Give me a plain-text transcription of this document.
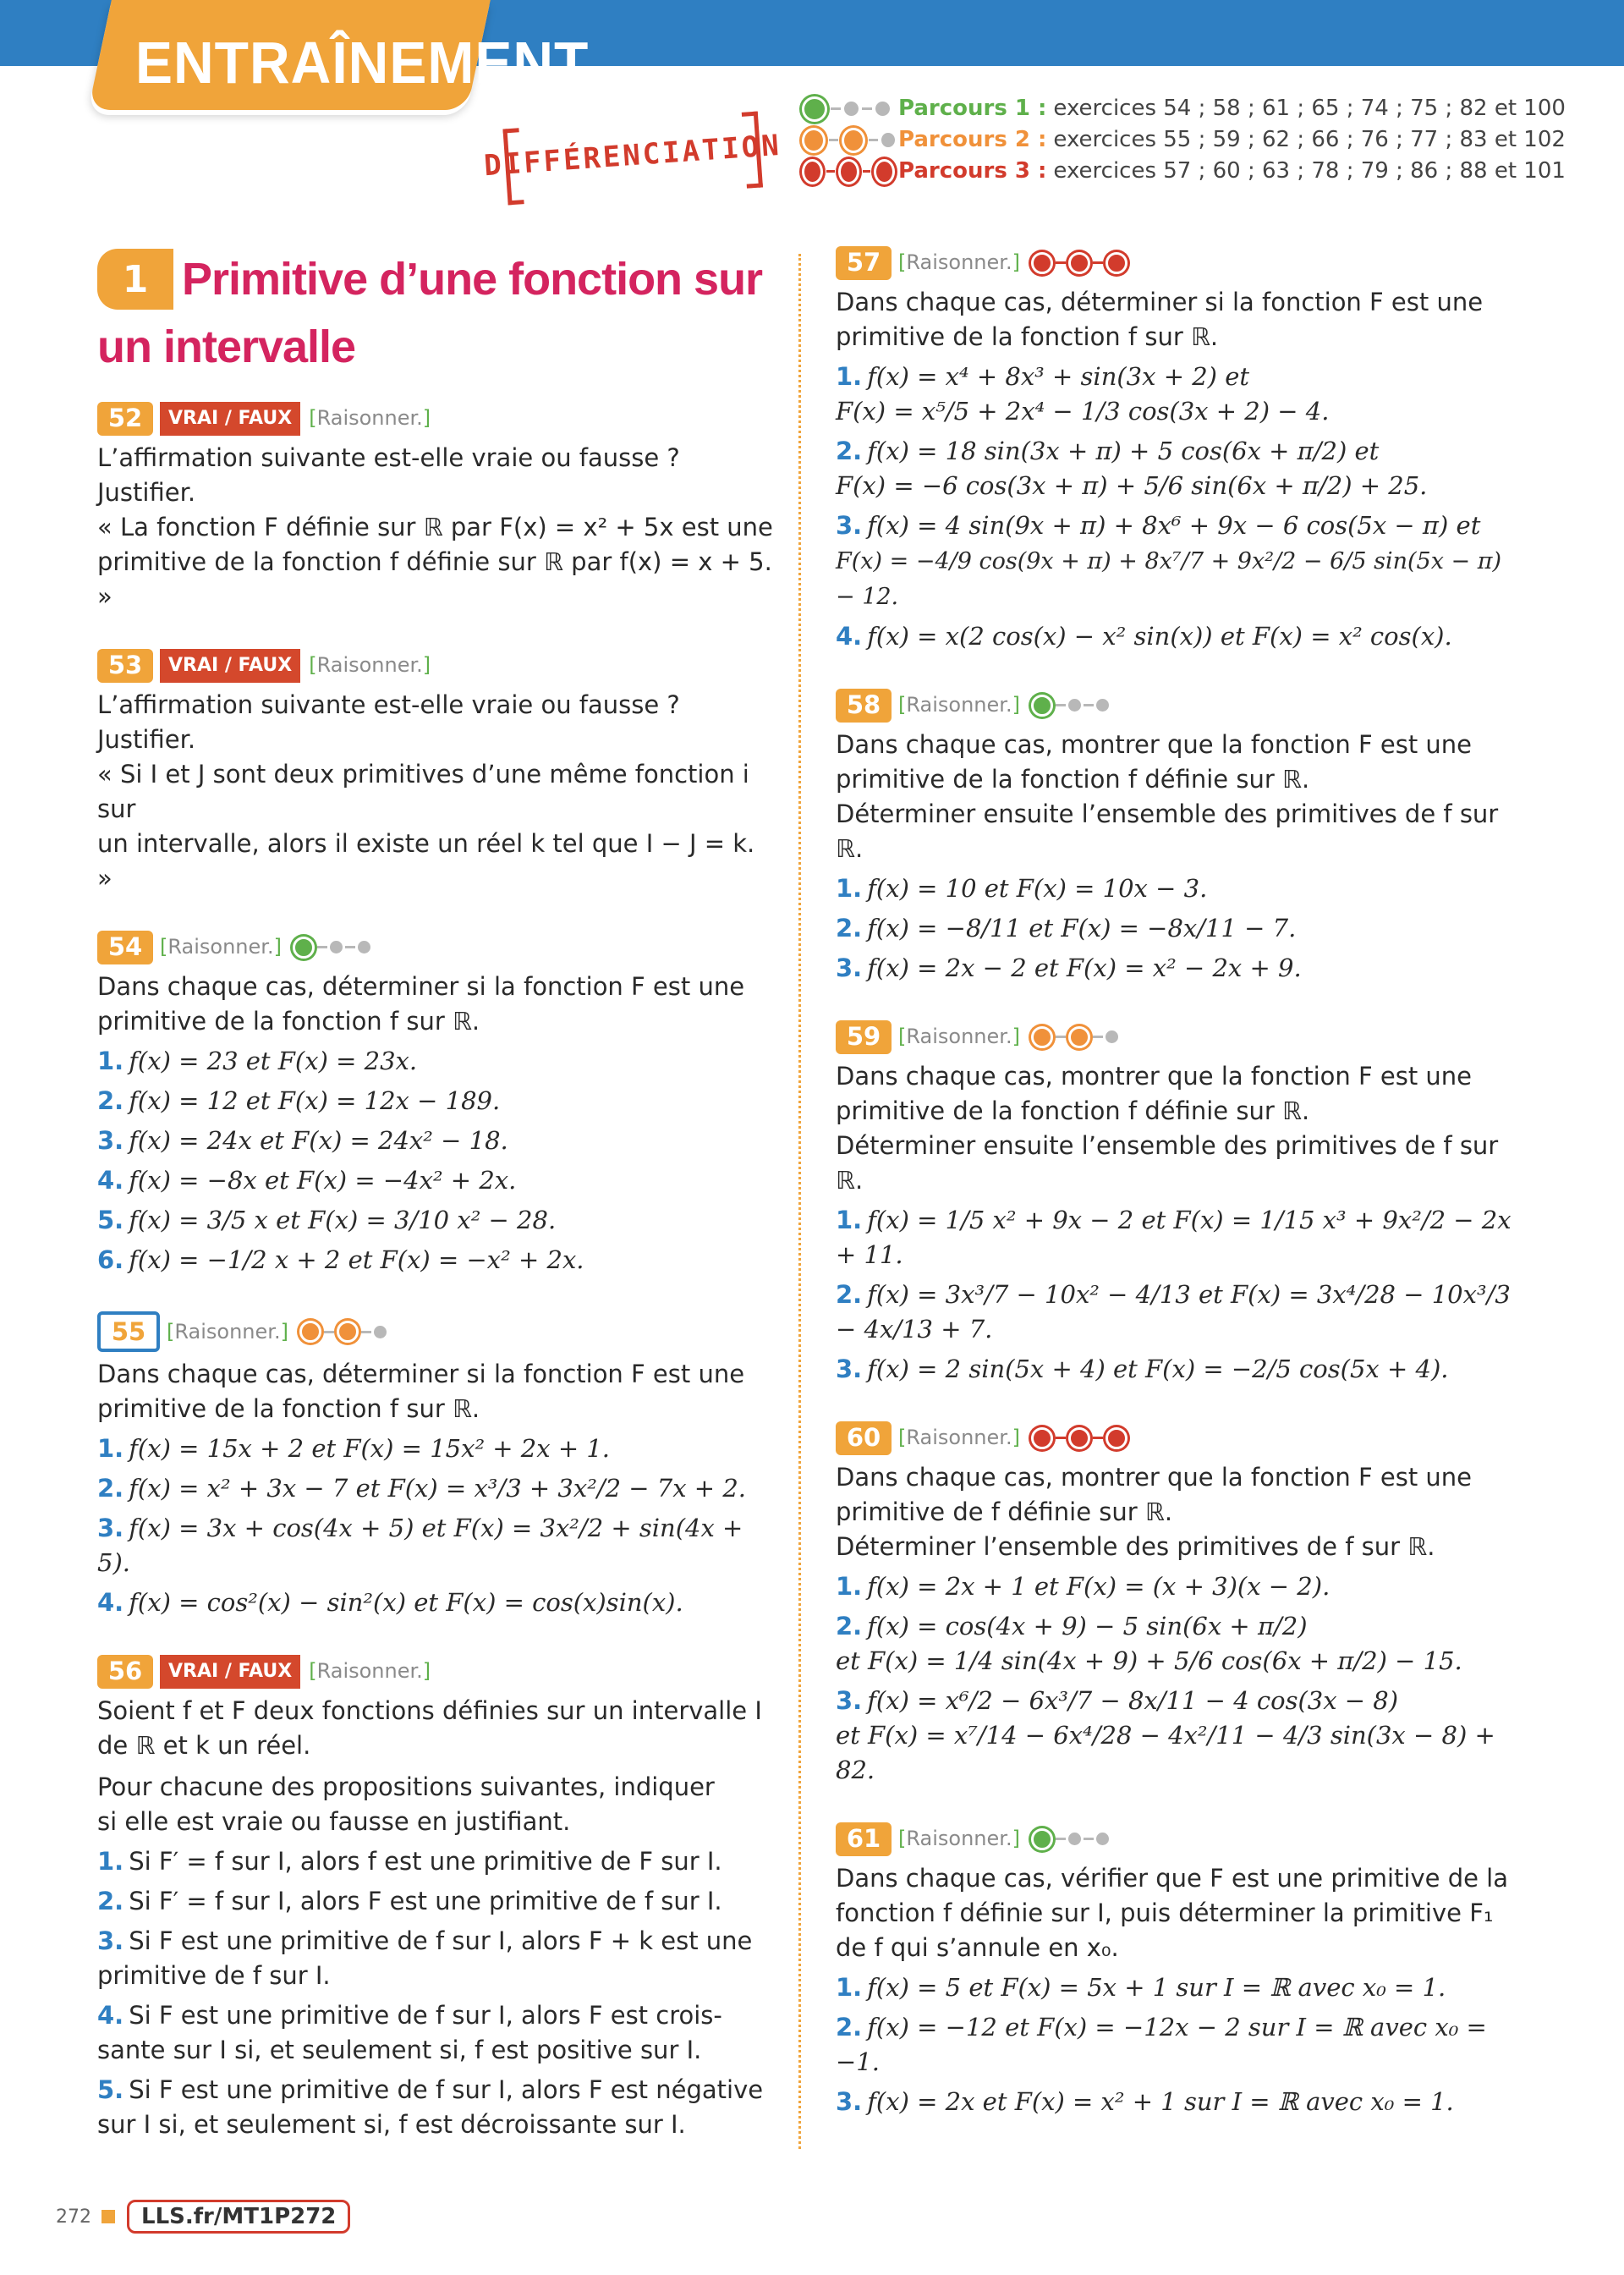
ENTRAÎNEMENT
DIFFÉRENCIATION
Parcours 1 : exercices 54 ; 58 ; 61 ; 65 ; 74 ; 75 ; 82 et 100
Parcours 2 : exercices 55 ; 59 ; 62 ; 66 ; 76 ; 77 ; 83 et 102
Parcours 3 : exercices 57 ; 60 ; 63 ; 78 ; 79 ; 86 ; 88 et 101
1 Primitive d’une fonction sur
un intervalle
52	VRAI / FAUX [Raisonner.]

L’affirmation suivante est-elle vraie ou fausse ? Justifier.

« La fonction F définie sur ℝ par F(x) = x² + 5x est une

primitive de la fonction f définie sur ℝ par f(x) = x + 5. »

53	VRAI / FAUX [Raisonner.]

L’affirmation suivante est-elle vraie ou fausse ? Justifier.

« Si I et J sont deux primitives d’une même fonction i sur

un intervalle, alors il existe un réel k tel que I − J = k. »

54 [Raisonner.]

Dans chaque cas, déterminer si la fonction F est une

primitive de la fonction f sur ℝ.

1. f(x) = 23 et F(x) = 23x.
2. f(x) = 12 et F(x) = 12x − 189.
3. f(x) = 24x et F(x) = 24x² − 18.
4. f(x) = −8x et F(x) = −4x² + 2x.
5. f(x) = 3/5 x et F(x) = 3/10 x² − 28.
6. f(x) = −1/2 x + 2 et F(x) = −x² + 2x.
55	[Raisonner.]

Dans chaque cas, déterminer si la fonction F est une

primitive de la fonction f sur ℝ.

1. f(x) = 15x + 2 et F(x) = 15x² + 2x + 1.
2. f(x) = x² + 3x − 7 et F(x) = x³/3 + 3x²/2 − 7x + 2.
3. f(x) = 3x + cos(4x + 5) et F(x) = 3x²/2 + sin(4x + 5).
4. f(x) = cos²(x) − sin²(x) et F(x) = cos(x)sin(x).
56	VRAI / FAUX [Raisonner.]

Soient f et F deux fonctions définies sur un intervalle I

de ℝ et k un réel.

Pour chacune des propositions suivantes, indiquer

si elle est vraie ou fausse en justifiant.

1. Si F′ = f sur I, alors f est une primitive de F sur I.
2. Si F′ = f sur I, alors F est une primitive de f sur I.
3. Si F est une primitive de f sur I, alors F + k est une
primitive de f sur I.
4. Si F est une primitive de f sur I, alors F est crois-
sante sur I si, et seulement si, f est positive sur I.
5. Si F est une primitive de f sur I, alors F est négative
sur I si, et seulement si, f est décroissante sur I.
57 [Raisonner.]

Dans chaque cas, déterminer si la fonction F est une

primitive de la fonction f sur ℝ.

1. f(x) = x⁴ + 8x³ + sin(3x + 2) et
F(x) = x⁵/5 + 2x⁴ − 1/3 cos(3x + 2) − 4.
2. f(x) = 18 sin(3x + π) + 5 cos(6x + π/2) et
F(x) = −6 cos(3x + π) + 5/6 sin(6x + π/2) + 25.
3. f(x) = 4 sin(9x + π) + 8x⁶ + 9x − 6 cos(5x − π) et
F(x) = −4/9 cos(9x + π) + 8x⁷/7 + 9x²/2 − 6/5 sin(5x − π) − 12.
4. f(x) = x(2 cos(x) − x² sin(x)) et F(x) = x² cos(x).
58 [Raisonner.]

Dans chaque cas, montrer que la fonction F est une

primitive de la fonction f définie sur ℝ.

Déterminer ensuite l’ensemble des primitives de f sur ℝ.

1. f(x) = 10 et F(x) = 10x − 3.
2. f(x) = −8/11 et F(x) = −8x/11 − 7.
3. f(x) = 2x − 2 et F(x) = x² − 2x + 9.
59 [Raisonner.]

Dans chaque cas, montrer que la fonction F est une

primitive de la fonction f définie sur ℝ.

Déterminer ensuite l’ensemble des primitives de f sur ℝ.

1. f(x) = 1/5 x² + 9x − 2 et F(x) = 1/15 x³ + 9x²/2 − 2x + 11.
2. f(x) = 3x³/7 − 10x² − 4/13 et F(x) = 3x⁴/28 − 10x³/3 − 4x/13 + 7.
3. f(x) = 2 sin(5x + 4) et F(x) = −2/5 cos(5x + 4).
60 [Raisonner.]

Dans chaque cas, montrer que la fonction F est une

primitive de f définie sur ℝ.

Déterminer l’ensemble des primitives de f sur ℝ.

1. f(x) = 2x + 1 et F(x) = (x + 3)(x − 2).
2. f(x) = cos(4x + 9) − 5 sin(6x + π/2)
et F(x) = 1/4 sin(4x + 9) + 5/6 cos(6x + π/2) − 15.
3. f(x) = x⁶/2 − 6x³/7 − 8x/11 − 4 cos(3x − 8)
et F(x) = x⁷/14 − 6x⁴/28 − 4x²/11 − 4/3 sin(3x − 8) + 82.
61 [Raisonner.]

Dans chaque cas, vérifier que F est une primitive de la

fonction f définie sur I, puis déterminer la primitive F₁

de f qui s’annule en x₀.

1. f(x) = 5 et F(x) = 5x + 1 sur I = ℝ avec x₀ = 1.
2. f(x) = −12 et F(x) = −12x − 2 sur I = ℝ avec x₀ = −1.
3. f(x) = 2x et F(x) = x² + 1 sur I = ℝ avec x₀ = 1.
272	LLS.fr/MT1P272
